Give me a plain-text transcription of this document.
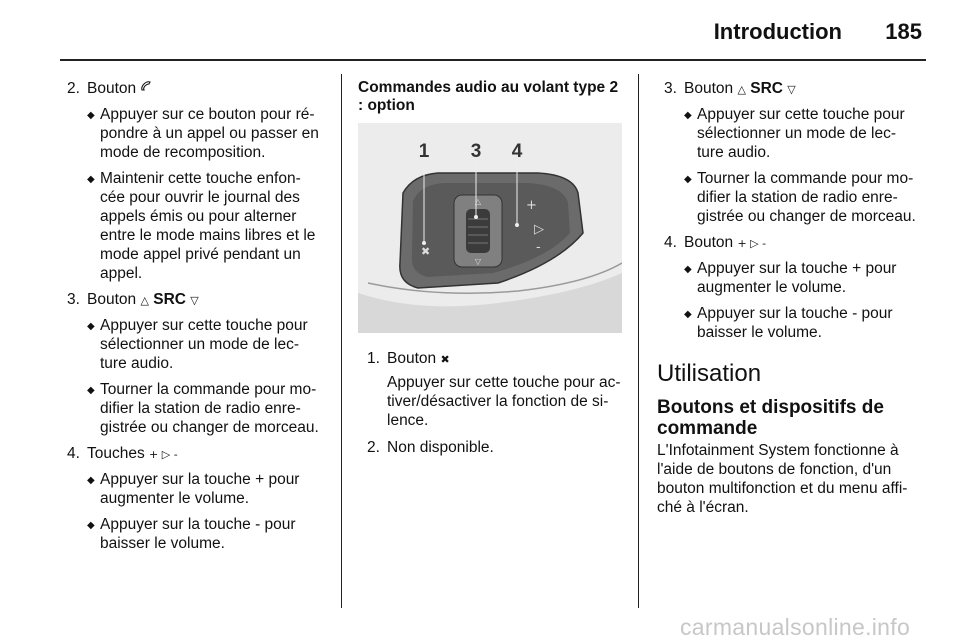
Introduction 185
2. Bouton
◆ Appuyer sur ce bouton pour ré- pondre à un appel ou passer en mode de recomposition.
◆ Maintenir cette touche enfon- cée pour ouvrir le journal des appels émis ou pour alterner entre le mode mains libres et le mode appel privé pendant un appel.
3. Bouton △ SRC ▽
◆ Appuyer sur cette touche pour sélectionner un mode de lec- ture audio.
◆ Tourner la commande pour mo- difier la station de radio enre- gistrée ou changer de morceau.
4. Touches + ▷ -
◆ Appuyer sur la touche + pour augmenter le volume.
◆ Appuyer sur la touche - pour baisser le volume.
Commandes audio au volant type 2 : option
△
▽
+
▷
-
✖
1 3 4
1. Bouton ✖
Appuyer sur cette touche pour ac- tiver/désactiver la fonction de si- lence.
2. Non disponible.
3. Bouton △ SRC ▽
◆ Appuyer sur cette touche pour sélectionner un mode de lec- ture audio.
◆ Tourner la commande pour mo- difier la station de radio enre- gistrée ou changer de morceau.
4. Bouton + ▷ -
◆ Appuyer sur la touche + pour augmenter le volume.
◆ Appuyer sur la touche - pour baisser le volume.
Utilisation
Boutons et dispositifs de commande
L'Infotainment System fonctionne à l'aide de boutons de fonction, d'un bouton multifonction et du menu affi- ché à l'écran.
carmanualsonline.info
